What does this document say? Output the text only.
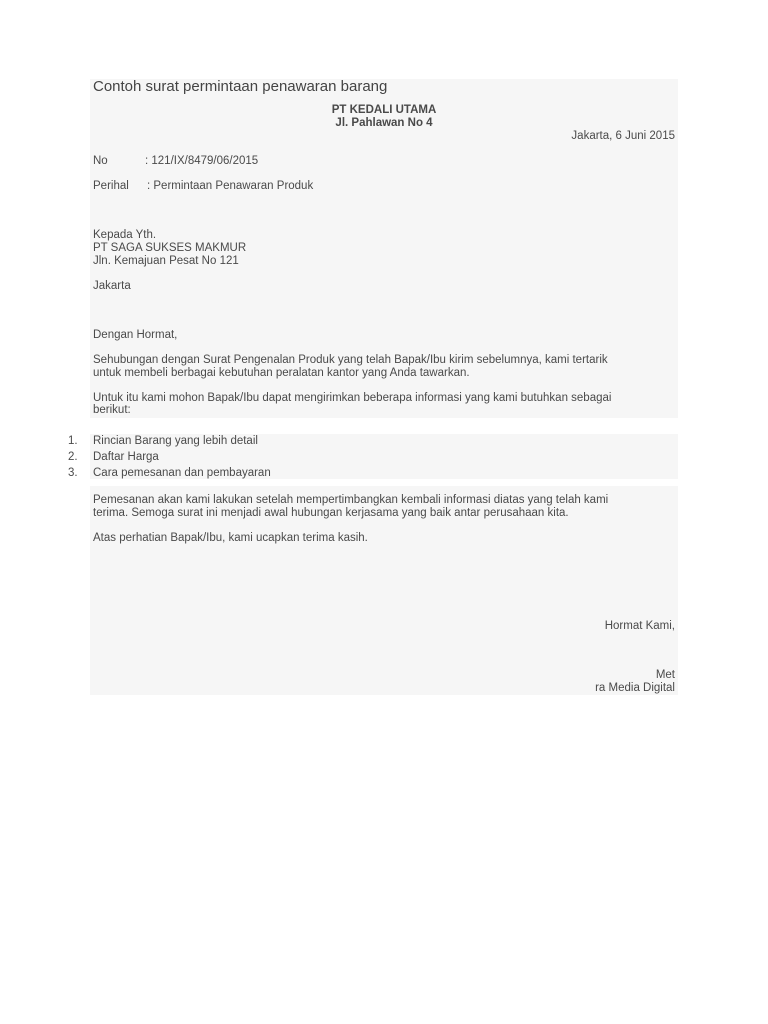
Contoh surat permintaan penawaran barang
PT KEDALI UTAMA
Jl. Pahlawan No 4
Jakarta, 6 Juni 2015
No	: 121/IX/8479/06/2015
Perihal : Permintaan Penawaran Produk
Kepada Yth.
PT SAGA SUKSES MAKMUR
Jln. Kemajuan Pesat No 121
Jakarta
Dengan Hormat,
Sehubungan dengan Surat Pengenalan Produk yang telah Bapak/Ibu kirim sebelumnya, kami tertarik
untuk membeli berbagai kebutuhan peralatan kantor yang Anda tawarkan.
Untuk itu kami mohon Bapak/Ibu dapat mengirimkan beberapa informasi yang kami butuhkan sebagai
berikut:
1. Rincian Barang yang lebih detail
2. Daftar Harga
3. Cara pemesanan dan pembayaran
Pemesanan akan kami lakukan setelah mempertimbangkan kembali informasi diatas yang telah kami
terima. Semoga surat ini menjadi awal hubungan kerjasama yang baik antar perusahaan kita.
Atas perhatian Bapak/Ibu, kami ucapkan terima kasih.
Hormat Kami,
Met
ra Media Digital
